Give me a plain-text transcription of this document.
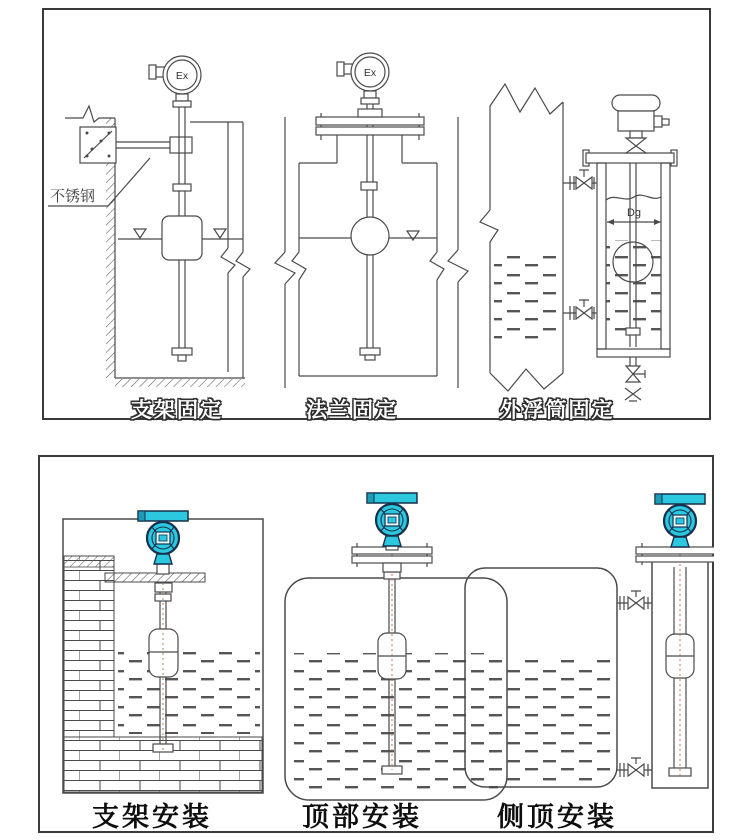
Ex
不锈钢
Ex
Dg
支架固定	法兰固定	外浮筒固定
支架安装	顶部安装	侧顶安装
